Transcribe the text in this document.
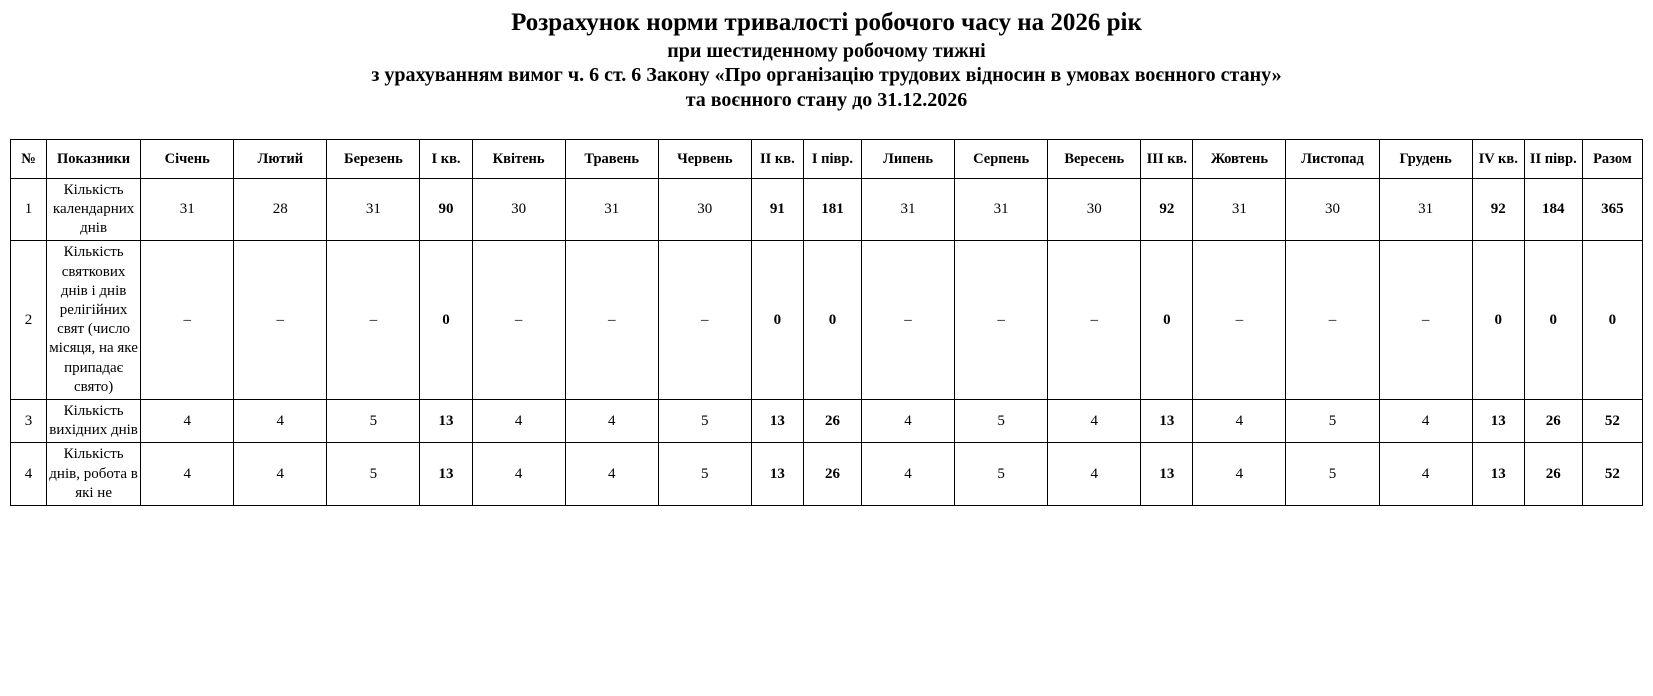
Розрахунок норми тривалості робочого часу на 2026 рік
при шестиденному робочому тижні
з урахуванням вимог ч. 6 ст. 6 Закону «Про організацію трудових відносин в умовах воєнного стану»
та воєнного стану до 31.12.2026
№	Показники	Січень	Лютий	Березень	I кв.	Квітень	Травень	Червень	II кв.	I півр.	Липень	Серпень	Вересень	III кв.	Жовтень	Листопад	Грудень	IV кв.	II півр.	Разом
1	Кількість календарних днів	31	28	31	90	30	31	30	91	181	31	31	30	92	31	30	31	92	184	365
2	Кількість святкових днів і днів релігійних свят (число місяця, на яке припадає свято)	–	–	–	0	–	–	–	0	0	–	–	–	0	–	–	–	0	0	0
3	Кількість вихідних днів	4	4	5	13	4	4	5	13	26	4	5	4	13	4	5	4	13	26	52
4	Кількість днів, робота в які не	4	4	5	13	4	4	5	13	26	4	5	4	13	4	5	4	13	26	52
